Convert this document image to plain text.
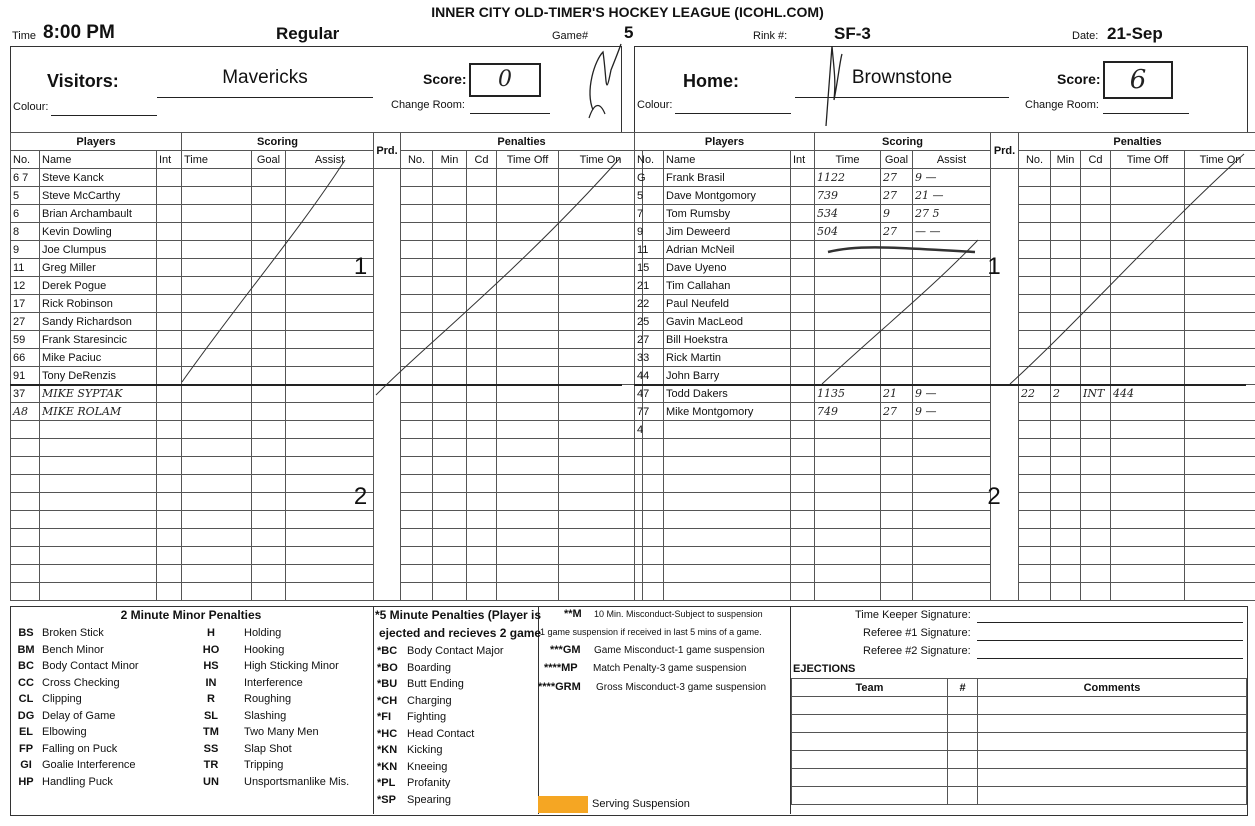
INNER CITY OLD-TIMER'S HOCKEY LEAGUE (ICOHL.COM)
Time 8:00 PM	Regular	Game# 5	Rink #:	SF-3	Date: 21-Sep
Visitors:	Mavericks	Score:	0
Colour:	Change Room:
Home:	Brownstone	Score:	6
Colour:	Change Room:
Players			Scoring			Prd.	Penalties				
No.	Name	Int	Time	Goal	Assist		No.	Min	Cd	Time Off	Time On
6 7	Steve Kanck										
5	Steve McCarthy										
6	Brian Archambault										
8	Kevin Dowling										
9	Joe Clumpus										
11	Greg Miller										
12	Derek Pogue										
17	Rick Robinson										
27	Sandy Richardson										
59	Frank Staresincic										
66	Mike Paciuc										
91	Tony DeRenzis										
37	MIKE SYPTAK										
A8	MIKE ROLAM										

Players			Scoring			Prd.	Penalties				
No.	Name	Int	Time	Goal	Assist		No.	Min	Cd	Time Off	Time On
G	Frank Brasil		1122	27	9 —						
5	Dave Montgomory		739	27	21 —						
7	Tom Rumsby		534	9	27 5						
9	Jim Deweerd		504	27	— —						
11	Adrian McNeil										
15	Dave Uyeno										
21	Tim Callahan										
22	Paul Neufeld										
25	Gavin MacLeod										
27	Bill Hoekstra										
33	Rick Martin										
44	John Barry										
47	Todd Dakers		1135	21	9 —		22	2	INT	444	
77	Mike Montgomory		749	27	9 —						
4											

1
2
1
2
2 Minute Minor Penalties
BS	Broken Stick	H	Holding
BM	Bench Minor	HO	Hooking
BC	Body Contact Minor	HS	High Sticking Minor
CC	Cross Checking	IN	Interference
CL	Clipping	R	Roughing
DG	Delay of Game	SL	Slashing
EL	Elbowing	TM	Two Many Men
FP	Falling on Puck	SS	Slap Shot
GI	Goalie Interference	TR	Tripping
HP	Handling Puck	UN	Unsportsmanlike Mis.
*5 Minute Penalties (Player is
ejected and recieves 2 game
*BC	Body Contact Major
*BO	Boarding
*BU	Butt Ending
*CH	Charging
*FI	Fighting
*HC	Head Contact
*KN	Kicking
*KN	Kneeing
*PL	Profanity
*SP	Spearing
**M 10 Min. Misconduct-Subject to suspension
1 game suspension if received in last 5 mins of a game.
***GM Game Misconduct-1 game suspension
****MP Match Penalty-3 game suspension
****GRM Gross Misconduct-3 game suspension
Serving Suspension
Time Keeper Signature:
Referee #1 Signature:
Referee #2 Signature:
EJECTIONS
Team	#	Comments
